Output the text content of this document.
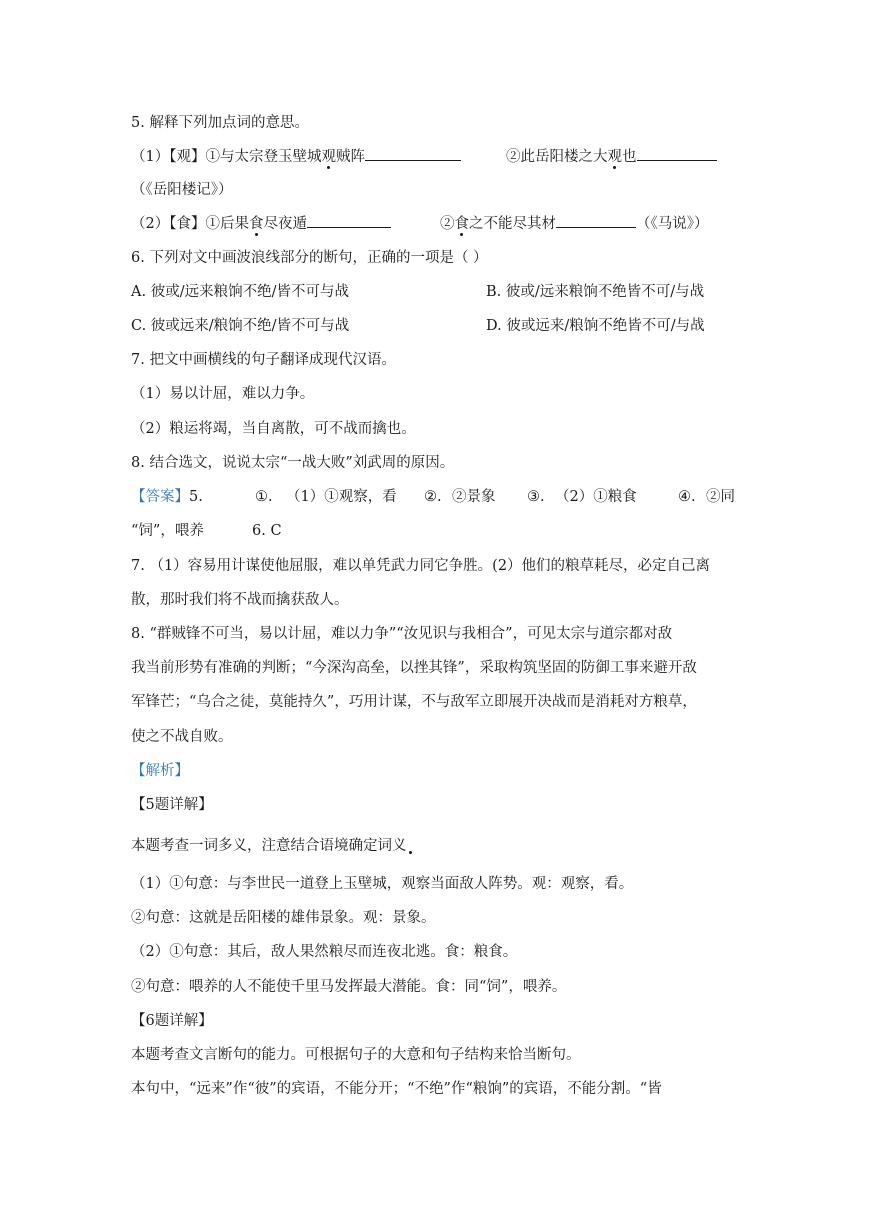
5. 解释下列加点词的意思。
（1）【观】①与太宗登玉壁城观贼阵	②此岳阳楼之大观也
（《岳阳楼记》）
（2）【食】①后果食尽夜遁	②食之不能尽其材	（《马说》）
6. 下列对文中画波浪线部分的断句，正确的一项是（ ）
A. 彼或/远来粮饷不绝/皆不可与战	B. 彼或/远来粮饷不绝皆不可/与战
C. 彼或远来/粮饷不绝/皆不可与战	D. 彼或远来/粮饷不绝皆不可/与战
7. 把文中画横线的句子翻译成现代汉语。
（1）易以计屈，难以力争。
（2）粮运将竭，当自离散，可不战而擒也。
8. 结合选文，说说太宗“一战大败”刘武周的原因。
【答案】 5.	①. （1）①观察，看 ②. ②景象 ③. （2）①粮食	④. ②同
“饲”，喂养	6. C
7. （1）容易用计谋使他屈服，难以单凭武力同它争胜。(2）他们的粮草耗尽，必定自己离
散，那时我们将不战而擒获敌人。
8. “群贼锋不可当，易以计屈，难以力争”“汝见识与我相合”，可见太宗与道宗都对敌
我当前形势有准确的判断；“今深沟高垒，以挫其锋”，采取构筑坚固的防御工事来避开敌
军锋芒；“乌合之徒，莫能持久”，巧用计谋，不与敌军立即展开决战而是消耗对方粮草，
使之不战自败。
【解析】
【5题详解】
本题考查一词多义，注意结合语境确定词义
（1）①句意：与李世民一道登上玉壁城，观察当面敌人阵势。观：观察，看。
②句意：这就是岳阳楼的雄伟景象。观：景象。
（2）①句意：其后，敌人果然粮尽而连夜北逃。食：粮食。
②句意：喂养的人不能使千里马发挥最大潜能。食：同“饲”，喂养。
【6题详解】
本题考查文言断句的能力。可根据句子的大意和句子结构来恰当断句。
本句中，“远来”作“彼”的宾语，不能分开；“不绝”作“粮饷”的宾语，不能分割。“皆
